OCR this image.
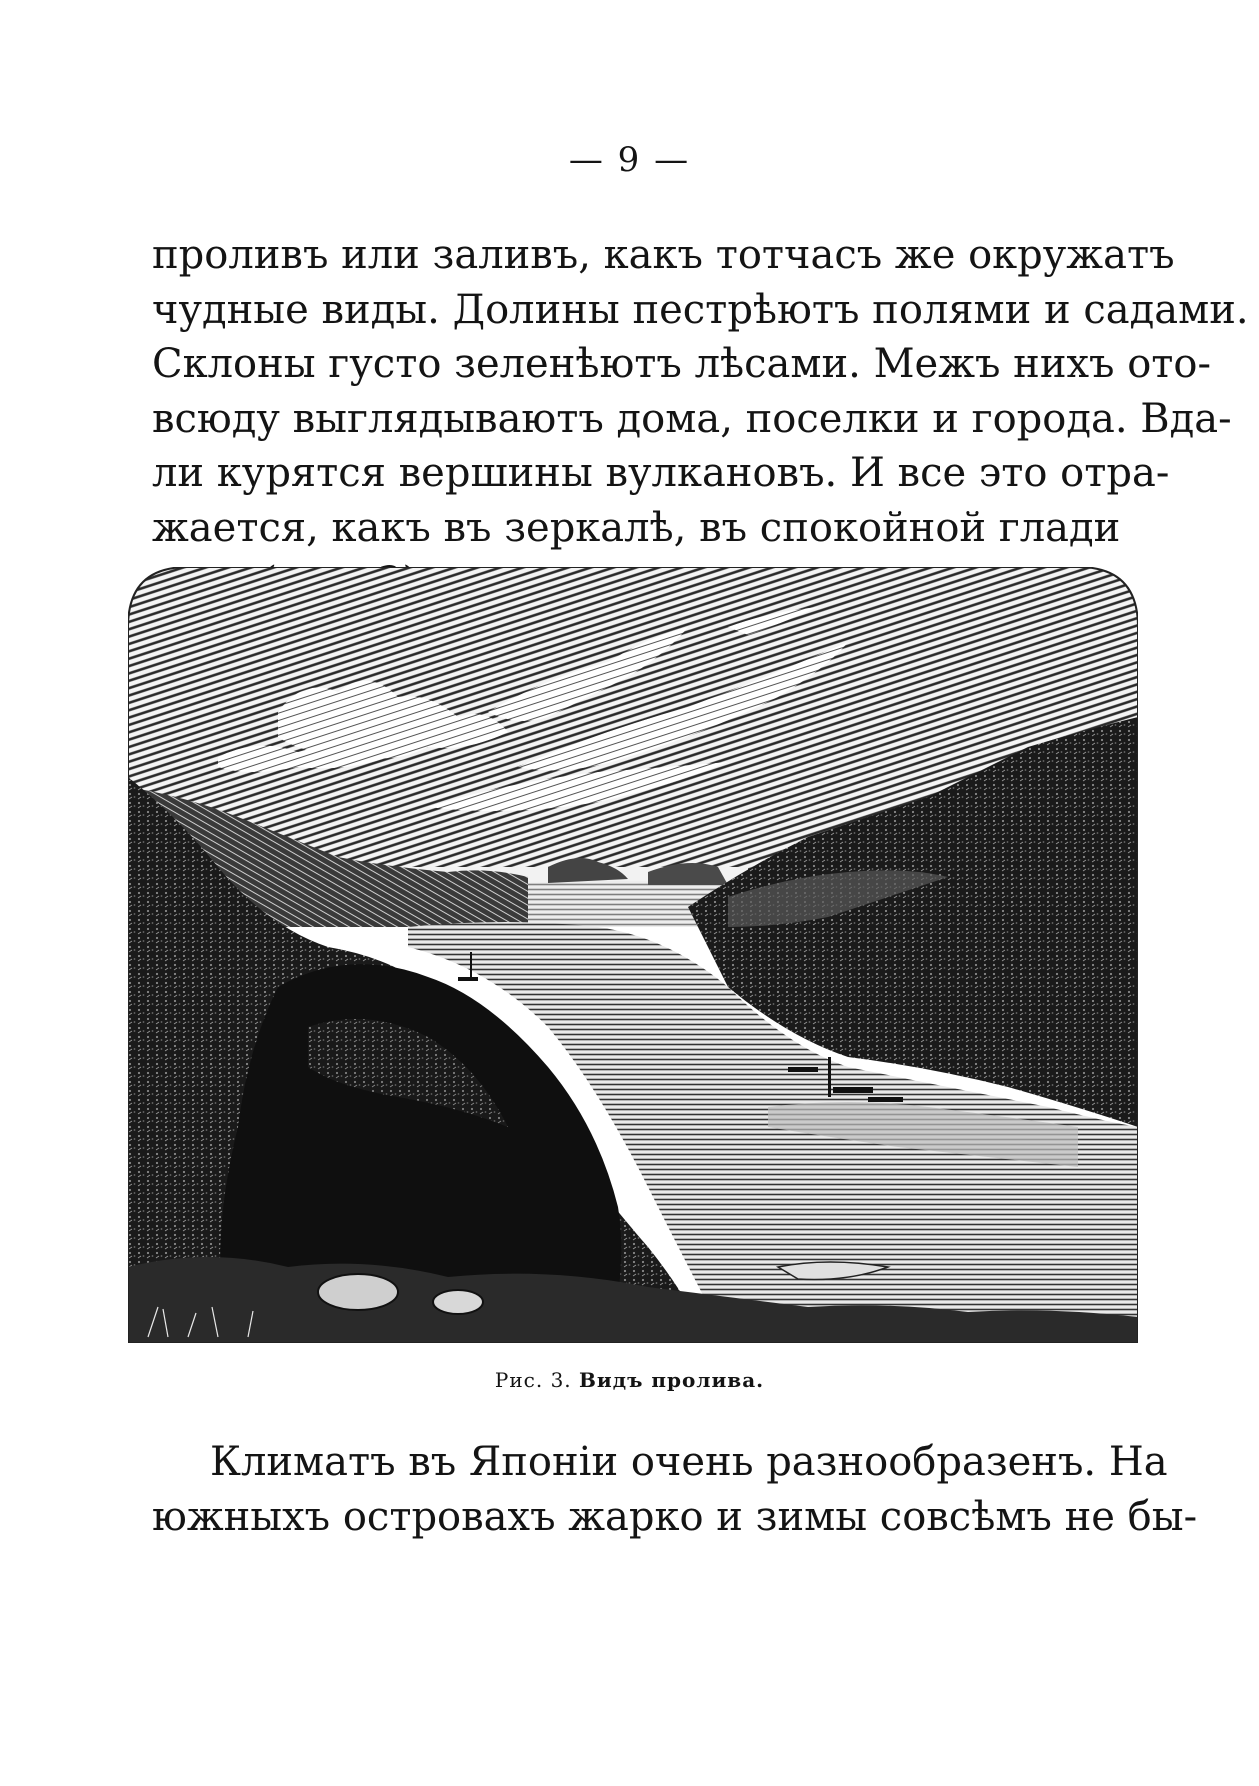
— 9 —
проливъ или заливъ, какъ тотчасъ же окружатъ
чудные виды. Долины пестрѣютъ полями и садами.
Склоны густо зеленѣютъ лѣсами. Межъ нихъ ото-
всюду выглядываютъ дома, поселки и города. Вда-
ли курятся вершины вулкановъ. И все это отра-
жается, какъ въ зеркалѣ, въ спокойной глади
Рис. 3. Видъ пролива.
Климатъ въ Японіи очень разнообразенъ. На
южныхъ островахъ жарко и зимы совсѣмъ не бы-
